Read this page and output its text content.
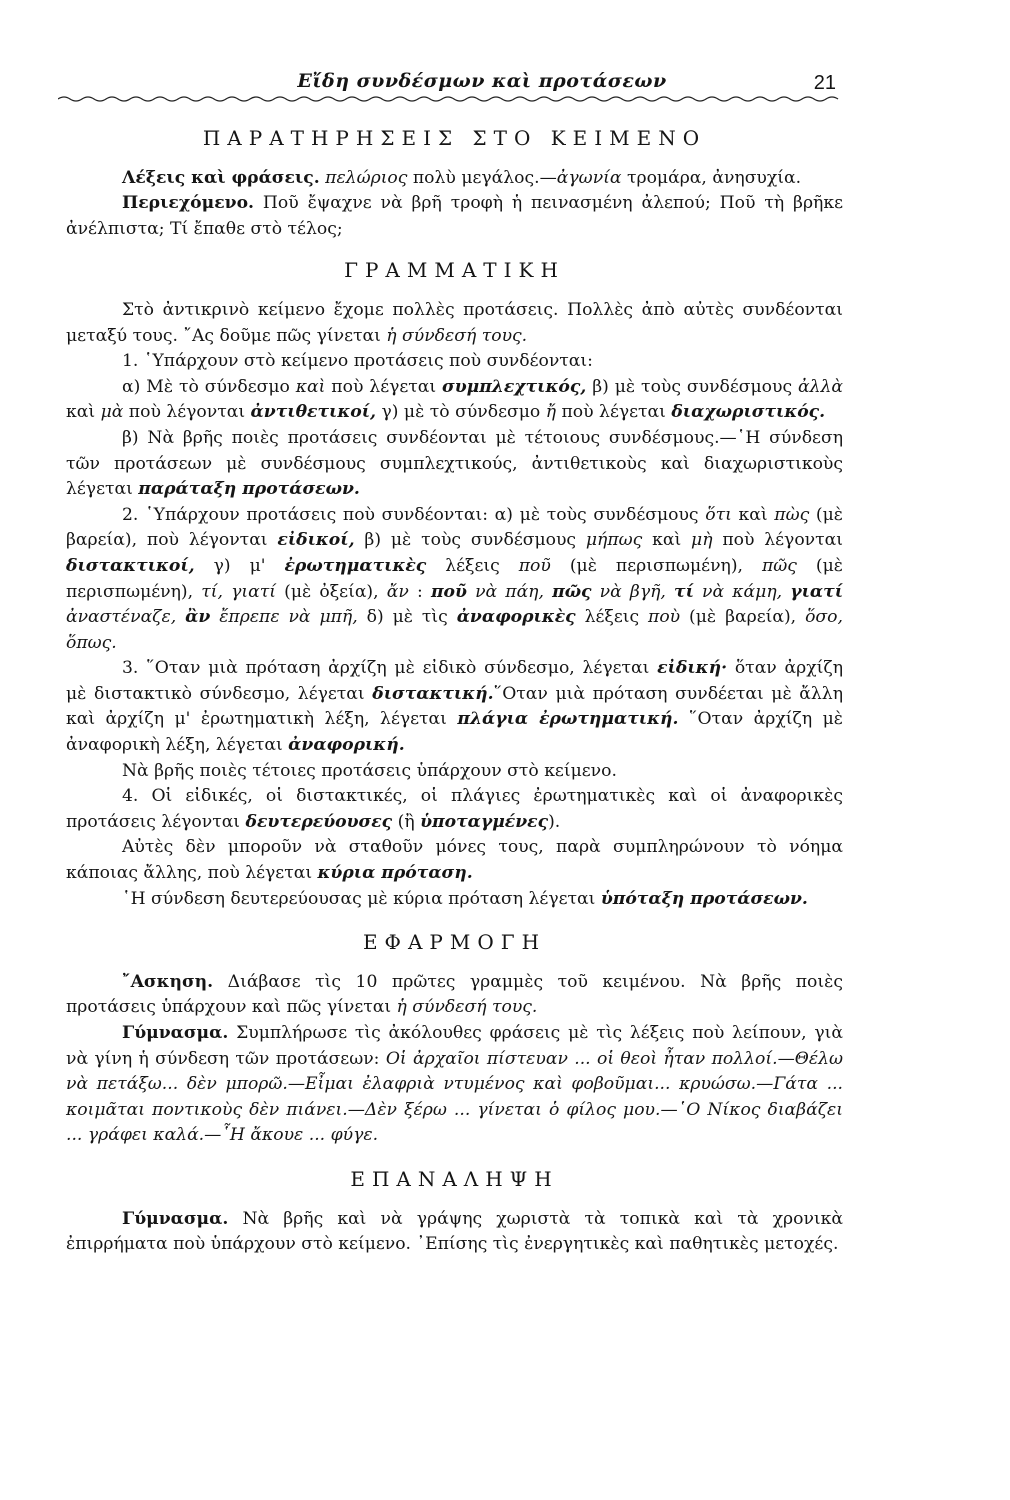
Εἴδη συνδέσμων καὶ προτάσεων	21
ΠΑΡΑΤΗΡΗΣΕΙΣ ΣΤΟ ΚΕΙΜΕΝΟ

Λέξεις καὶ φράσεις. πελώριος πολὺ μεγάλος.—ἀγωνία τρομάρα, ἀνησυχία.

Περιεχόμενο. Ποῦ ἔψαχνε νὰ βρῆ τροφὴ ἡ πεινασμένη ἀλεπού; Ποῦ τὴ βρῆκε ἀνέλπιστα; Τί ἔπαθε στὸ τέλος;

ΓΡΑΜΜΑΤΙΚΗ

Στὸ ἀντικρινὸ κείμενο ἔχομε πολλὲς προτάσεις. Πολλὲς ἀπὸ αὐτὲς συνδέονται μεταξύ τους. ῎Ας δοῦμε πῶς γίνεται ἡ σύνδεσή τους.

1. ῾Υπάρχουν στὸ κείμενο προτάσεις ποὺ συνδέονται:

α) Μὲ τὸ σύνδεσμο καὶ ποὺ λέγεται συμπλεχτικός, β) μὲ τοὺς συνδέσμους ἀλλὰ καὶ μὰ ποὺ λέγονται ἀντιθετικοί, γ) μὲ τὸ σύνδεσμο ἤ ποὺ λέγεται διαχωριστικός.

β) Νὰ βρῆς ποιὲς προτάσεις συνδέονται μὲ τέτοιους συνδέσμους.—῾Η σύνδεση τῶν προτάσεων μὲ συνδέσμους συμπλεχτικούς, ἀντιθετικοὺς καὶ διαχωριστικοὺς λέγεται παράταξη προτάσεων.

2. ῾Υπάρχουν προτάσεις ποὺ συνδέονται: α) μὲ τοὺς συνδέσμους ὅτι καὶ πὼς (μὲ βαρεία), ποὺ λέγονται εἰδικοί, β) μὲ τοὺς συνδέσμους μήπως καὶ μὴ ποὺ λέγονται διστακτικοί, γ) μ' ἐρωτηματικὲς λέξεις ποῦ (μὲ περισπωμένη), πῶς (μὲ περισπωμένη), τί, γιατί (μὲ ὀξεία), ἄν : ποῦ νὰ πάη, πῶς νὰ βγῆ, τί νὰ κάμη, γιατί ἀναστέναζε, ἂν ἔπρεπε νὰ μπῆ, δ) μὲ τὶς ἀναφορικὲς λέξεις ποὺ (μὲ βαρεία), ὅσο, ὅπως.

3. ῞Οταν μιὰ πρόταση ἀρχίζη μὲ εἰδικὸ σύνδεσμο, λέγεται εἰδική· ὅταν ἀρχίζη μὲ διστακτικὸ σύνδεσμο, λέγεται διστακτική.῞Οταν μιὰ πρόταση συνδέεται μὲ ἄλλη καὶ ἀρχίζη μ' ἐρωτηματικὴ λέξη, λέγεται πλάγια ἐρωτηματική. ῞Οταν ἀρχίζη μὲ ἀναφορικὴ λέξη, λέγεται ἀναφορική.

Νὰ βρῆς ποιὲς τέτοιες προτάσεις ὑπάρχουν στὸ κείμενο.

4. Οἱ εἰδικές, οἱ διστακτικές, οἱ πλάγιες ἐρωτηματικὲς καὶ οἱ ἀναφορικὲς προτάσεις λέγονται δευτερεύουσες (ἢ ὑποταγμένες).

Αὐτὲς δὲν μποροῦν νὰ σταθοῦν μόνες τους, παρὰ συμπληρώνουν τὸ νόημα κάποιας ἄλλης, ποὺ λέγεται κύρια πρόταση.

῾Η σύνδεση δευτερεύουσας μὲ κύρια πρόταση λέγεται ὑπόταξη προτάσεων.

ΕΦΑΡΜΟΓΗ

῎Ασκηση. Διάβασε τὶς 10 πρῶτες γραμμὲς τοῦ κειμένου. Νὰ βρῆς ποιὲς προτάσεις ὑπάρχουν καὶ πῶς γίνεται ἡ σύνδεσή τους.

Γύμνασμα. Συμπλήρωσε τὶς ἀκόλουθες φράσεις μὲ τὶς λέξεις ποὺ λείπουν, γιὰ νὰ γίνη ἡ σύνδεση τῶν προτάσεων: Οἱ ἀρχαῖοι πίστευαν ... οἱ θεοὶ ἦταν πολλοί.—Θέλω νὰ πετάξω... δὲν μπορῶ.—Εἶμαι ἐλαφριὰ ντυμένος καὶ φοβοῦμαι... κρυώσω.—Γάτα ... κοιμᾶται ποντικοὺς δὲν πιάνει.—Δὲν ξέρω ... γίνεται ὁ φίλος μου.—῾Ο Νίκος διαβάζει ... γράφει καλά.—῟Η ἄκουε ... φύγε.

ΕΠΑΝΑΛΗΨΗ

Γύμνασμα. Νὰ βρῆς καὶ νὰ γράψης χωριστὰ τὰ τοπικὰ καὶ τὰ χρονικὰ ἐπιρρήματα ποὺ ὑπάρχουν στὸ κείμενο. ᾿Επίσης τὶς ἐνεργητικὲς καὶ παθητικὲς μετοχές.
